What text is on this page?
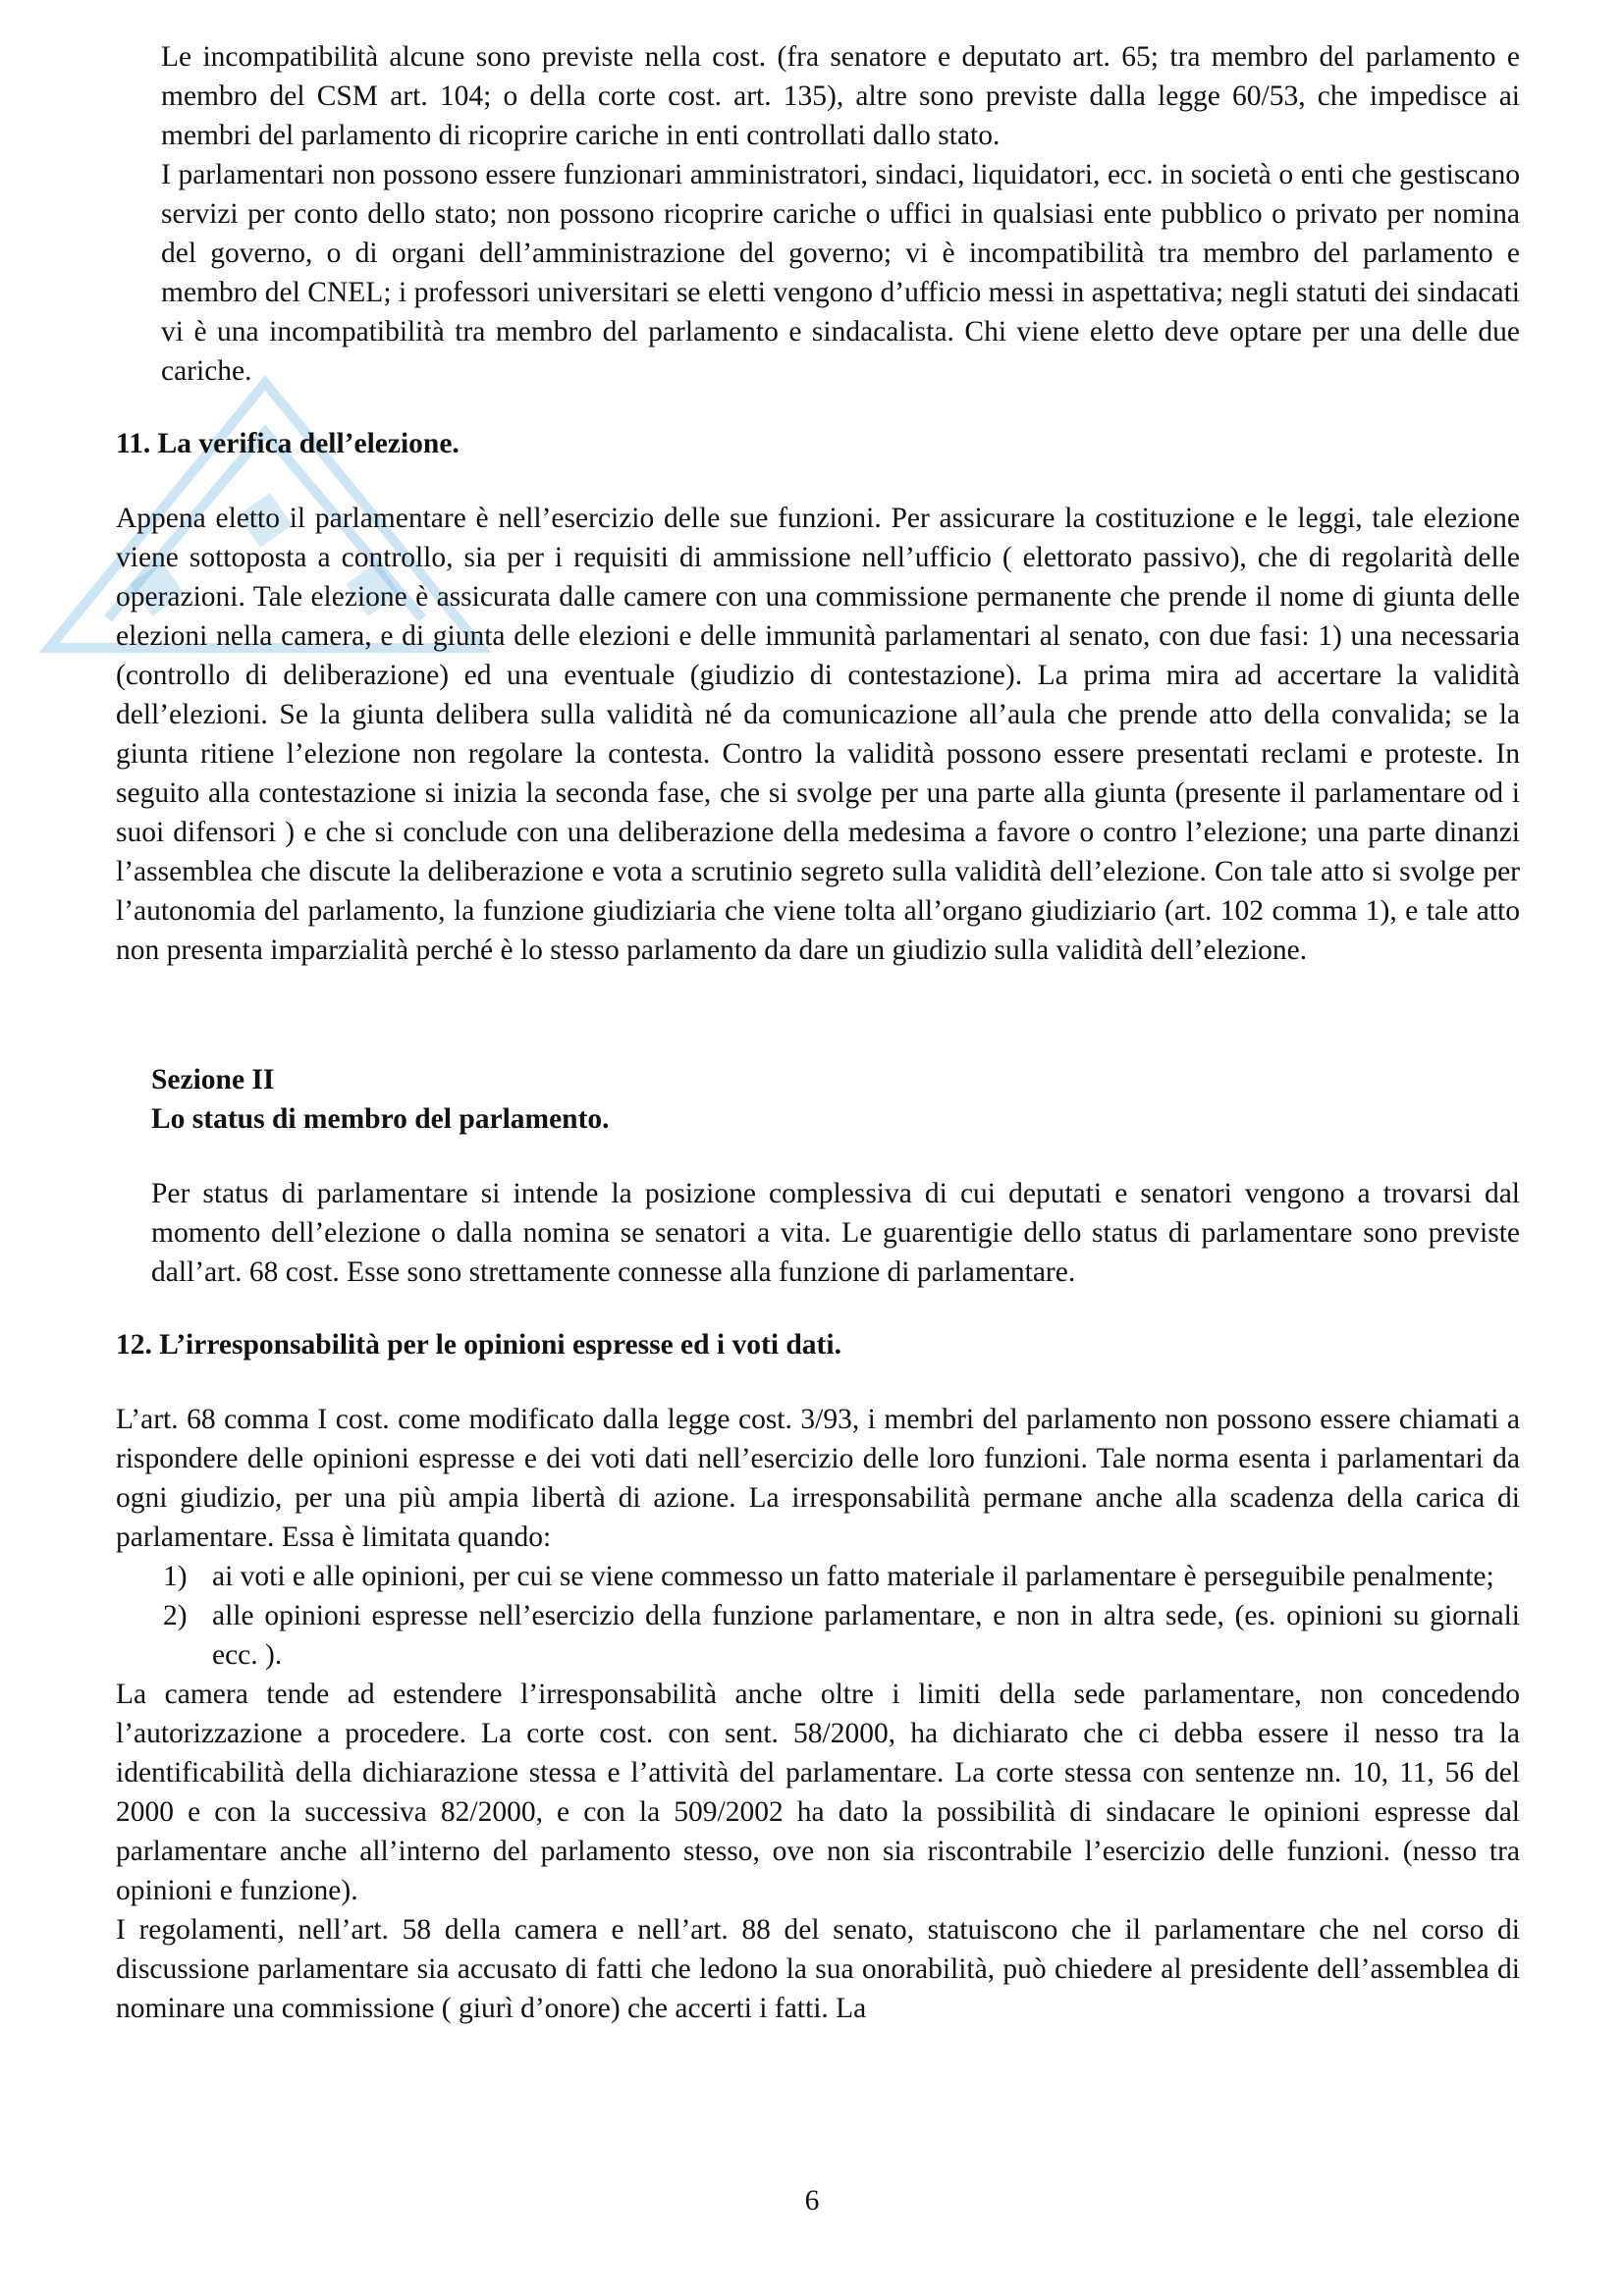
Le incompatibilità alcune sono previste nella cost. (fra senatore e deputato art. 65; tra membro del parlamento e membro del CSM art. 104; o della corte cost. art. 135), altre sono previste dalla legge 60/53, che impedisce ai membri del parlamento di ricoprire cariche in enti controllati dallo stato.

I parlamentari non possono essere funzionari amministratori, sindaci, liquidatori, ecc. in società o enti che gestiscano servizi per conto dello stato; non possono ricoprire cariche o uffici in qualsiasi ente pubblico o privato per nomina del governo, o di organi dell’amministrazione del governo; vi è incompatibilità tra membro del parlamento e membro del CNEL; i professori universitari se eletti vengono d’ufficio messi in aspettativa; negli statuti dei sindacati vi è una incompatibilità tra membro del parlamento e sindacalista. Chi viene eletto deve optare per una delle due cariche.

11. La verifica dell’elezione.

Appena eletto il parlamentare è nell’esercizio delle sue funzioni. Per assicurare la costituzione e le leggi, tale elezione viene sottoposta a controllo, sia per i requisiti di ammissione nell’ufficio ( elettorato passivo), che di regolarità delle operazioni. Tale elezione è assicurata dalle camere con una commissione permanente che prende il nome di giunta delle elezioni nella camera, e di giunta delle elezioni e delle immunità parlamentari al senato, con due fasi: 1) una necessaria (controllo di deliberazione) ed una eventuale (giudizio di contestazione). La prima mira ad accertare la validità dell’elezioni. Se la giunta delibera sulla validità né da comunicazione all’aula che prende atto della convalida; se la giunta ritiene l’elezione non regolare la contesta. Contro la validità possono essere presentati reclami e proteste. In seguito alla contestazione si inizia la seconda fase, che si svolge per una parte alla giunta (presente il parlamentare od i suoi difensori ) e che si conclude con una deliberazione della medesima a favore o contro l’elezione; una parte dinanzi l’assemblea che discute la deliberazione e vota a scrutinio segreto sulla validità dell’elezione. Con tale atto si svolge per l’autonomia del parlamento, la funzione giudiziaria che viene tolta all’organo giudiziario (art. 102 comma 1), e tale atto non presenta imparzialità perché è lo stesso parlamento da dare un giudizio sulla validità dell’elezione.

Sezione II
Lo status di membro del parlamento.

Per status di parlamentare si intende la posizione complessiva di cui deputati e senatori vengono a trovarsi dal momento dell’elezione o dalla nomina se senatori a vita. Le guarentigie dello status di parlamentare sono previste dall’art. 68 cost. Esse sono strettamente connesse alla funzione di parlamentare.

12. L’irresponsabilità per le opinioni espresse ed i voti dati.

L’art. 68 comma I cost. come modificato dalla legge cost. 3/93, i membri del parlamento non possono essere chiamati a rispondere delle opinioni espresse e dei voti dati nell’esercizio delle loro funzioni. Tale norma esenta i parlamentari da ogni giudizio, per una più ampia libertà di azione. La irresponsabilità permane anche alla scadenza della carica di parlamentare. Essa è limitata quando:

1) ai voti e alle opinioni, per cui se viene commesso un fatto materiale il parlamentare è perseguibile penalmente;
2) alle opinioni espresse nell’esercizio della funzione parlamentare, e non in altra sede, (es. opinioni su giornali ecc. ).

La camera tende ad estendere l’irresponsabilità anche oltre i limiti della sede parlamentare, non concedendo l’autorizzazione a procedere. La corte cost. con sent. 58/2000, ha dichiarato che ci debba essere il nesso tra la identificabilità della dichiarazione stessa e l’attività del parlamentare. La corte stessa con sentenze nn. 10, 11, 56 del 2000 e con la successiva 82/2000, e con la 509/2002 ha dato la possibilità di sindacare le opinioni espresse dal parlamentare anche all’interno del parlamento stesso, ove non sia riscontrabile l’esercizio delle funzioni. (nesso tra opinioni e funzione).

I regolamenti, nell’art. 58 della camera e nell’art. 88 del senato, statuiscono che il parlamentare che nel corso di discussione parlamentare sia accusato di fatti che ledono la sua onorabilità, può chiedere al presidente dell’assemblea di nominare una commissione ( giurì d’onore) che accerti i fatti. La

6
